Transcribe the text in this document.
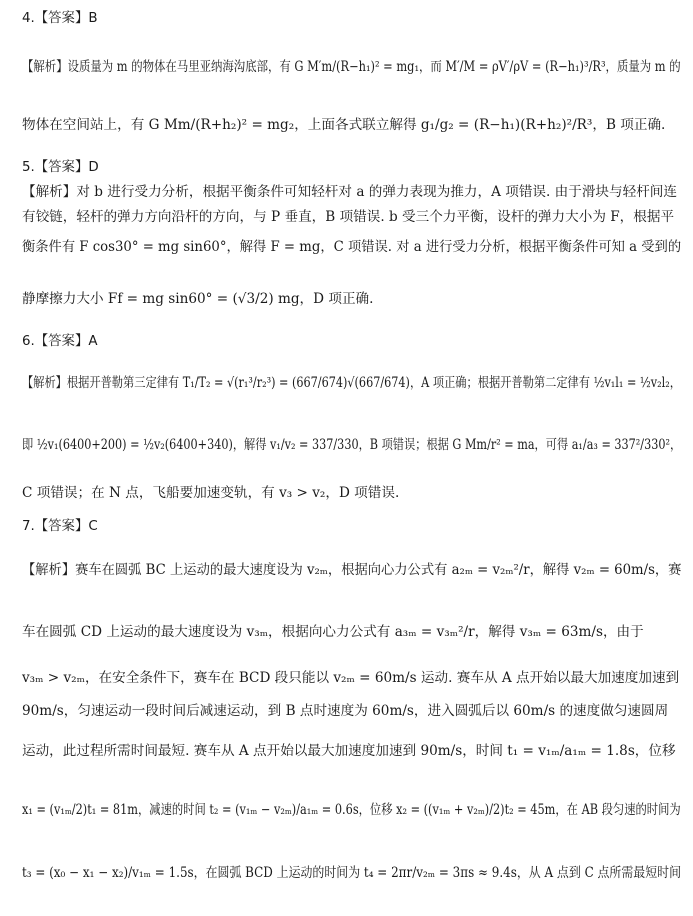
4.【答案】B
【解析】设质量为 m 的物体在马里亚纳海沟底部，有 G M′m/(R−h₁)² = mg₁，而 M′/M = ρV′/ρV = (R−h₁)³/R³，质量为 m 的
物体在空间站上，有 G Mm/(R+h₂)² = mg₂，上面各式联立解得 g₁/g₂ = (R−h₁)(R+h₂)²/R³，B 项正确.
5.【答案】D
【解析】对 b 进行受力分析，根据平衡条件可知轻杆对 a 的弹力表现为推力，A 项错误. 由于滑块与轻杆间连
有铰链，轻杆的弹力方向沿杆的方向，与 P 垂直，B 项错误. b 受三个力平衡，设杆的弹力大小为 F，根据平
衡条件有 F cos30° = mg sin60°，解得 F = mg，C 项错误. 对 a 进行受力分析，根据平衡条件可知 a 受到的
静摩擦力大小 Ff = mg sin60° = (√3/2) mg，D 项正确.
6.【答案】A
【解析】根据开普勒第三定律有 T₁/T₂ = √(r₁³/r₂³) = (667/674)√(667/674)，A 项正确；根据开普勒第二定律有 ½v₁l₁ = ½v₂l₂，
即 ½v₁(6400+200) = ½v₂(6400+340)，解得 v₁/v₂ = 337/330，B 项错误；根据 G Mm/r² = ma，可得 a₁/a₃ = 337²/330²，
C 项错误；在 N 点，飞船要加速变轨，有 v₃ > v₂，D 项错误.
7.【答案】C
【解析】赛车在圆弧 BC 上运动的最大速度设为 v₂ₘ，根据向心力公式有 a₂ₘ = v₂ₘ²/r，解得 v₂ₘ = 60m/s，赛
车在圆弧 CD 上运动的最大速度设为 v₃ₘ，根据向心力公式有 a₃ₘ = v₃ₘ²/r，解得 v₃ₘ = 63m/s，由于
v₃ₘ > v₂ₘ，在安全条件下，赛车在 BCD 段只能以 v₂ₘ = 60m/s 运动. 赛车从 A 点开始以最大加速度加速到
90m/s，匀速运动一段时间后减速运动，到 B 点时速度为 60m/s，进入圆弧后以 60m/s 的速度做匀速圆周
运动，此过程所需时间最短. 赛车从 A 点开始以最大加速度加速到 90m/s，时间 t₁ = v₁ₘ/a₁ₘ = 1.8s，位移
x₁ = (v₁ₘ/2)t₁ = 81m，减速的时间 t₂ = (v₁ₘ − v₂ₘ)/a₁ₘ = 0.6s，位移 x₂ = ((v₁ₘ + v₂ₘ)/2)t₂ = 45m，在 AB 段匀速的时间为
t₃ = (x₀ − x₁ − x₂)/v₁ₘ = 1.5s，在圆弧 BCD 上运动的时间为 t₄ = 2πr/v₂ₘ = 3πs ≈ 9.4s，从 A 点到 C 点所需最短时间
